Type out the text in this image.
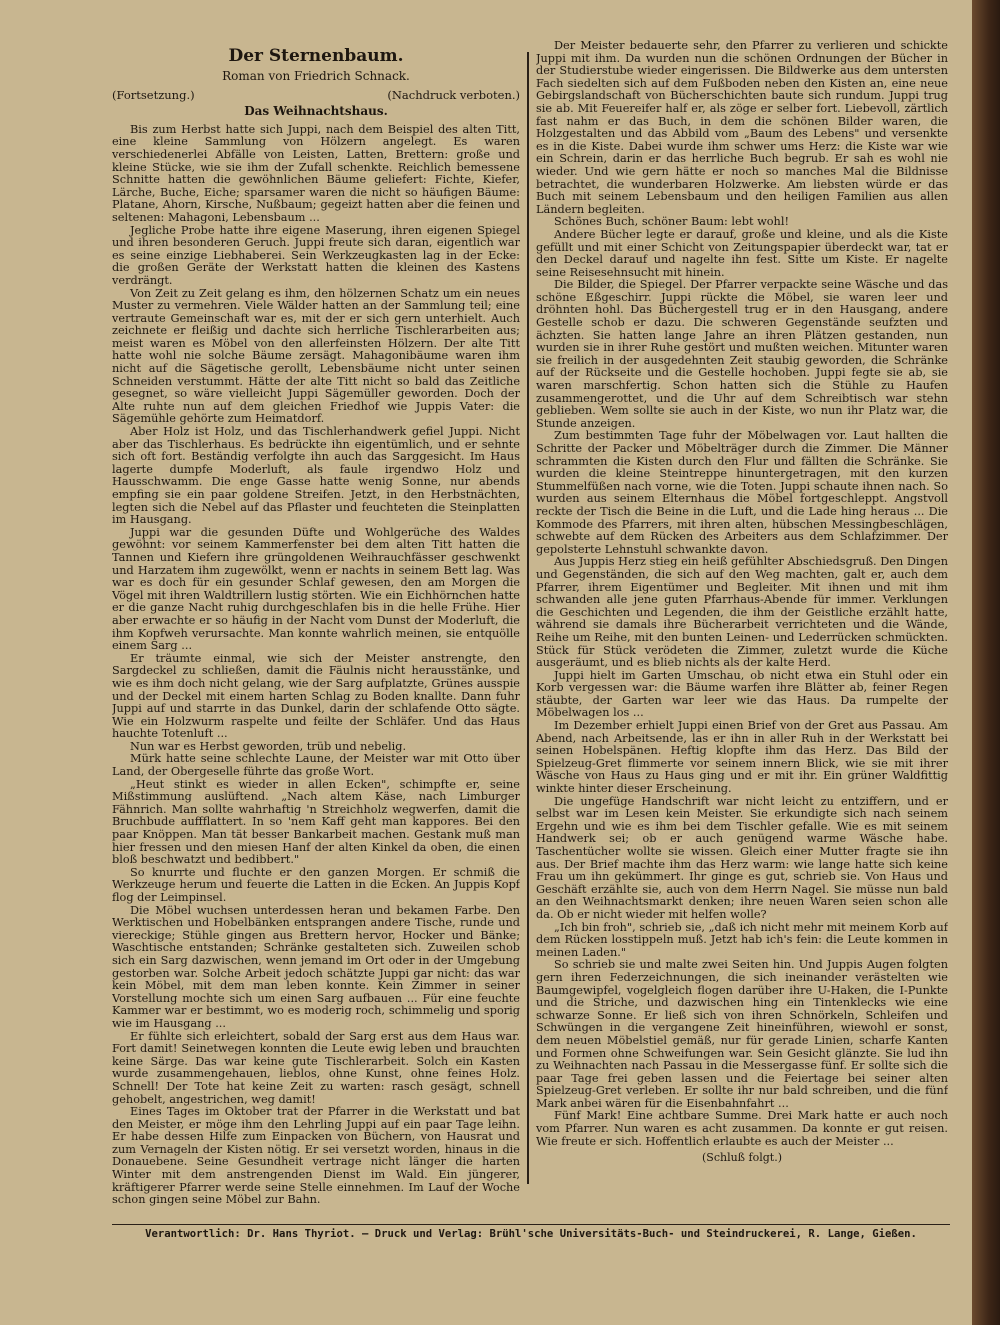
Der Sternenbaum.
Roman von Friedrich Schnack.
(Fortsetzung.)	(Nachdruck verboten.)
Das Weihnachtshaus.

Bis zum Herbst hatte sich Juppi, nach dem Beispiel des alten Titt, eine kleine Sammlung von Hölzern angelegt. Es waren verschiedenerlei Abfälle von Leisten, Latten, Brettern: große und kleine Stücke, wie sie ihm der Zufall schenkte. Reichlich bemessene Schnitte hatten die gewöhnlichen Bäume geliefert: Fichte, Kiefer, Lärche, Buche, Eiche; sparsamer waren die nicht so häufigen Bäume: Platane, Ahorn, Kirsche, Nußbaum; gegeizt hatten aber die feinen und seltenen: Mahagoni, Lebensbaum ...

Jegliche Probe hatte ihre eigene Maserung, ihren eigenen Spiegel und ihren besonderen Geruch. Juppi freute sich daran, eigentlich war es seine einzige Liebhaberei. Sein Werkzeugkasten lag in der Ecke: die großen Geräte der Werkstatt hatten die kleinen des Kastens verdrängt.

Von Zeit zu Zeit gelang es ihm, den hölzernen Schatz um ein neues Muster zu vermehren. Viele Wälder hatten an der Sammlung teil; eine vertraute Gemeinschaft war es, mit der er sich gern unterhielt. Auch zeichnete er fleißig und dachte sich herrliche Tischlerarbeiten aus; meist waren es Möbel von den allerfeinsten Hölzern. Der alte Titt hatte wohl nie solche Bäume zersägt. Mahagonibäume waren ihm nicht auf die Sägetische gerollt, Lebensbäume nicht unter seinen Schneiden verstummt. Hätte der alte Titt nicht so bald das Zeitliche gesegnet, so wäre vielleicht Juppi Sägemüller geworden. Doch der Alte ruhte nun auf dem gleichen Friedhof wie Juppis Vater: die Sägemühle gehörte zum Heimatdorf.

Aber Holz ist Holz, und das Tischlerhandwerk gefiel Juppi. Nicht aber das Tischlerhaus. Es bedrückte ihn eigentümlich, und er sehnte sich oft fort. Beständig verfolgte ihn auch das Sarggesicht. Im Haus lagerte dumpfe Moderluft, als faule irgendwo Holz und Hausschwamm. Die enge Gasse hatte wenig Sonne, nur abends empfing sie ein paar goldene Streifen. Jetzt, in den Herbstnächten, legten sich die Nebel auf das Pflaster und feuchteten die Steinplatten im Hausgang.

Juppi war die gesunden Düfte und Wohlgerüche des Waldes gewöhnt: vor seinem Kammerfenster bei dem alten Titt hatten die Tannen und Kiefern ihre grüngoldenen Weihrauchfässer geschwenkt und Harzatem ihm zugewölkt, wenn er nachts in seinem Bett lag. Was war es doch für ein gesunder Schlaf gewesen, den am Morgen die Vögel mit ihren Waldtrillern lustig störten. Wie ein Eichhörnchen hatte er die ganze Nacht ruhig durchgeschlafen bis in die helle Frühe. Hier aber erwachte er so häufig in der Nacht vom Dunst der Moderluft, die ihm Kopfweh verursachte. Man konnte wahrlich meinen, sie entquölle einem Sarg ...

Er träumte einmal, wie sich der Meister anstrengte, den Sargdeckel zu schließen, damit die Fäulnis nicht herausstänke, und wie es ihm doch nicht gelang, wie der Sarg aufplatzte, Grünes ausspie und der Deckel mit einem harten Schlag zu Boden knallte. Dann fuhr Juppi auf und starrte in das Dunkel, darin der schlafende Otto sägte. Wie ein Holzwurm raspelte und feilte der Schläfer. Und das Haus hauchte Totenluft ...

Nun war es Herbst geworden, trüb und nebelig.

Mürk hatte seine schlechte Laune, der Meister war mit Otto über Land, der Obergeselle führte das große Wort.

„Heut stinkt es wieder in allen Ecken", schimpfte er, seine Mißstimmung auslüftend. „Nach altem Käse, nach Limburger Fähnrich. Man sollte wahrhaftig 'n Streichholz wegwerfen, damit die Bruchbude auffflattert. In so 'nem Kaff geht man kappores. Bei den paar Knöppen. Man tät besser Bankarbeit machen. Gestank muß man hier fressen und den miesen Hanf der alten Kinkel da oben, die einen bloß beschwatzt und bedibbert."

So knurrte und fluchte er den ganzen Morgen. Er schmiß die Werkzeuge herum und feuerte die Latten in die Ecken. An Juppis Kopf flog der Leimpinsel.

Die Möbel wuchsen unterdessen heran und bekamen Farbe. Den Werktischen und Hobelbänken entsprangen andere Tische, runde und viereckige; Stühle gingen aus Brettern hervor, Hocker und Bänke; Waschtische entstanden; Schränke gestalteten sich. Zuweilen schob sich ein Sarg dazwischen, wenn jemand im Ort oder in der Umgebung gestorben war. Solche Arbeit jedoch schätzte Juppi gar nicht: das war kein Möbel, mit dem man leben konnte. Kein Zimmer in seiner Vorstellung mochte sich um einen Sarg aufbauen ... Für eine feuchte Kammer war er bestimmt, wo es moderig roch, schimmelig und sporig wie im Hausgang ...

Er fühlte sich erleichtert, sobald der Sarg erst aus dem Haus war. Fort damit! Seinetwegen konnten die Leute ewig leben und brauchten keine Särge. Das war keine gute Tischlerarbeit. Solch ein Kasten wurde zusammengehauen, lieblos, ohne Kunst, ohne feines Holz. Schnell! Der Tote hat keine Zeit zu warten: rasch gesägt, schnell gehobelt, angestrichen, weg damit!

Eines Tages im Oktober trat der Pfarrer in die Werkstatt und bat den Meister, er möge ihm den Lehrling Juppi auf ein paar Tage leihn. Er habe dessen Hilfe zum Einpacken von Büchern, von Hausrat und zum Vernageln der Kisten nötig. Er sei versetzt worden, hinaus in die Donauebene. Seine Gesundheit vertrage nicht länger die harten Winter mit dem anstrengenden Dienst im Wald. Ein jüngerer, kräftigerer Pfarrer werde seine Stelle einnehmen. Im Lauf der Woche schon gingen seine Möbel zur Bahn.

Der Meister bedauerte sehr, den Pfarrer zu verlieren und schickte Juppi mit ihm. Da wurden nun die schönen Ordnungen der Bücher in der Studierstube wieder eingerissen. Die Bildwerke aus dem untersten Fach siedelten sich auf dem Fußboden neben den Kisten an, eine neue Gebirgslandschaft von Bücherschichten baute sich rundum. Juppi trug sie ab. Mit Feuereifer half er, als zöge er selber fort. Liebevoll, zärtlich fast nahm er das Buch, in dem die schönen Bilder waren, die Holzgestalten und das Abbild vom „Baum des Lebens" und versenkte es in die Kiste. Dabei wurde ihm schwer ums Herz: die Kiste war wie ein Schrein, darin er das herrliche Buch begrub. Er sah es wohl nie wieder. Und wie gern hätte er noch so manches Mal die Bildnisse betrachtet, die wunderbaren Holzwerke. Am liebsten würde er das Buch mit seinem Lebensbaum und den heiligen Familien aus allen Ländern begleiten.

Schönes Buch, schöner Baum: lebt wohl!

Andere Bücher legte er darauf, große und kleine, und als die Kiste gefüllt und mit einer Schicht von Zeitungspapier überdeckt war, tat er den Deckel darauf und nagelte ihn fest. Sitte um Kiste. Er nagelte seine Reisesehnsucht mit hinein.

Die Bilder, die Spiegel. Der Pfarrer verpackte seine Wäsche und das schöne Eßgeschirr. Juppi rückte die Möbel, sie waren leer und dröhnten hohl. Das Büchergestell trug er in den Hausgang, andere Gestelle schob er dazu. Die schweren Gegenstände seufzten und ächzten. Sie hatten lange Jahre an ihren Plätzen gestanden, nun wurden sie in ihrer Ruhe gestört und mußten weichen. Mitunter waren sie freilich in der ausgedehnten Zeit staubig geworden, die Schränke auf der Rückseite und die Gestelle hochoben. Juppi fegte sie ab, sie waren marschfertig. Schon hatten sich die Stühle zu Haufen zusammengerottet, und die Uhr auf dem Schreibtisch war stehn geblieben. Wem sollte sie auch in der Kiste, wo nun ihr Platz war, die Stunde anzeigen.

Zum bestimmten Tage fuhr der Möbelwagen vor. Laut hallten die Schritte der Packer und Möbelträger durch die Zimmer. Die Männer schrammten die Kisten durch den Flur und fällten die Schränke. Sie wurden die kleine Steintreppe hinuntergetragen, mit den kurzen Stummelfüßen nach vorne, wie die Toten. Juppi schaute ihnen nach. So wurden aus seinem Elternhaus die Möbel fortgeschleppt. Angstvoll reckte der Tisch die Beine in die Luft, und die Lade hing heraus ... Die Kommode des Pfarrers, mit ihren alten, hübschen Messingbeschlägen, schwebte auf dem Rücken des Arbeiters aus dem Schlafzimmer. Der gepolsterte Lehnstuhl schwankte davon.

Aus Juppis Herz stieg ein heiß gefühlter Abschiedsgruß. Den Dingen und Gegenständen, die sich auf den Weg machten, galt er, auch dem Pfarrer, ihrem Eigentümer und Begleiter. Mit ihnen und mit ihm schwanden alle jene guten Pfarrhaus-Abende für immer. Verklungen die Geschichten und Legenden, die ihm der Geistliche erzählt hatte, während sie damals ihre Bücherarbeit verrichteten und die Wände, Reihe um Reihe, mit den bunten Leinen- und Lederrücken schmückten. Stück für Stück verödeten die Zimmer, zuletzt wurde die Küche ausgeräumt, und es blieb nichts als der kalte Herd.

Juppi hielt im Garten Umschau, ob nicht etwa ein Stuhl oder ein Korb vergessen war: die Bäume warfen ihre Blätter ab, feiner Regen stäubte, der Garten war leer wie das Haus. Da rumpelte der Möbelwagen los ...

Im Dezember erhielt Juppi einen Brief von der Gret aus Passau. Am Abend, nach Arbeitsende, las er ihn in aller Ruh in der Werkstatt bei seinen Hobelspänen. Heftig klopfte ihm das Herz. Das Bild der Spielzeug-Gret flimmerte vor seinem innern Blick, wie sie mit ihrer Wäsche von Haus zu Haus ging und er mit ihr. Ein grüner Waldfittig winkte hinter dieser Erscheinung.

Die ungefüge Handschrift war nicht leicht zu entziffern, und er selbst war im Lesen kein Meister. Sie erkundigte sich nach seinem Ergehn und wie es ihm bei dem Tischler gefalle. Wie es mit seinem Handwerk sei; ob er auch genügend warme Wäsche habe. Taschentücher wollte sie wissen. Gleich einer Mutter fragte sie ihn aus. Der Brief machte ihm das Herz warm: wie lange hatte sich keine Frau um ihn gekümmert. Ihr ginge es gut, schrieb sie. Von Haus und Geschäft erzählte sie, auch von dem Herrn Nagel. Sie müsse nun bald an den Weihnachtsmarkt denken; ihre neuen Waren seien schon alle da. Ob er nicht wieder mit helfen wolle?

„Ich bin froh", schrieb sie, „daß ich nicht mehr mit meinem Korb auf dem Rücken losstippeln muß. Jetzt hab ich's fein: die Leute kommen in meinen Laden."

So schrieb sie und malte zwei Seiten hin. Und Juppis Augen folgten gern ihren Federzeichnungen, die sich ineinander verästelten wie Baumgewipfel, vogelgleich flogen darüber ihre U-Haken, die I-Punkte und die Striche, und dazwischen hing ein Tintenklecks wie eine schwarze Sonne. Er ließ sich von ihren Schnörkeln, Schleifen und Schwüngen in die vergangene Zeit hineinführen, wiewohl er sonst, dem neuen Möbelstiel gemäß, nur für gerade Linien, scharfe Kanten und Formen ohne Schweifungen war. Sein Gesicht glänzte. Sie lud ihn zu Weihnachten nach Passau in die Messergasse fünf. Er sollte sich die paar Tage frei geben lassen und die Feiertage bei seiner alten Spielzeug-Gret verleben. Er sollte ihr nur bald schreiben, und die fünf Mark anbei wären für die Eisenbahnfahrt ...

Fünf Mark! Eine achtbare Summe. Drei Mark hatte er auch noch vom Pfarrer. Nun waren es acht zusammen. Da konnte er gut reisen. Wie freute er sich. Hoffentlich erlaubte es auch der Meister ...

(Schluß folgt.)
Verantwortlich: Dr. Hans Thyriot. — Druck und Verlag: Brühl'sche Universitäts-Buch- und Steindruckerei, R. Lange, Gießen.
